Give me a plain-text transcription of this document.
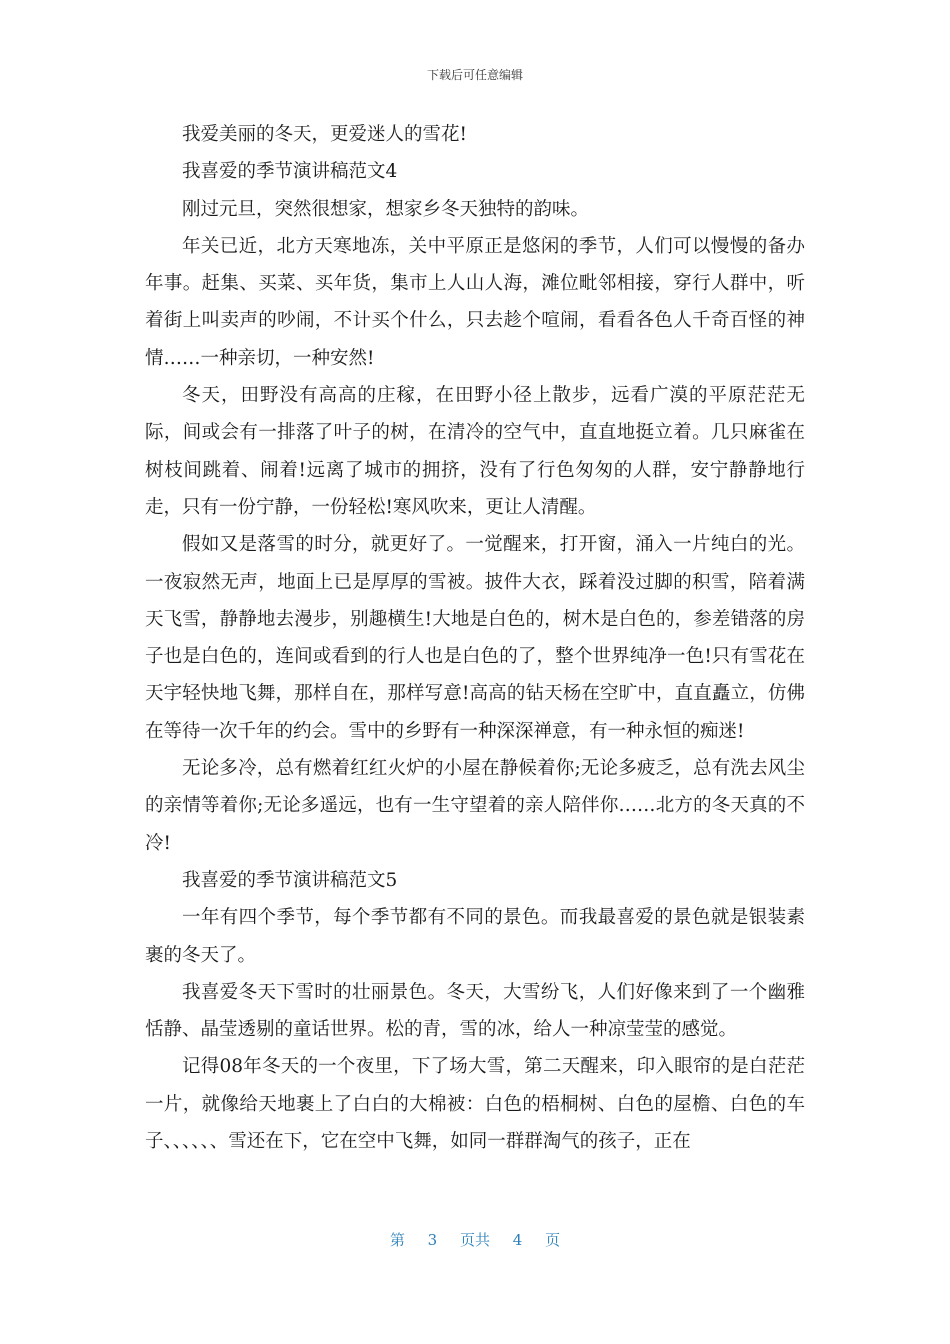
下载后可任意编辑

我爱美丽的冬天，更爱迷人的雪花!

我喜爱的季节演讲稿范文4

刚过元旦，突然很想家，想家乡冬天独特的韵味。

年关已近，北方天寒地冻，关中平原正是悠闲的季节，人们可以慢慢的备办年事。赶集、买菜、买年货，集市上人山人海，滩位毗邻相接，穿行人群中，听着街上叫卖声的吵闹，不计买个什么，只去趁个喧闹，看看各色人千奇百怪的神情……一种亲切，一种安然!

冬天，田野没有高高的庄稼，在田野小径上散步，远看广漠的平原茫茫无际，间或会有一排落了叶子的树，在清冷的空气中，直直地挺立着。几只麻雀在树枝间跳着、闹着!远离了城市的拥挤，没有了行色匆匆的人群，安宁静静地行走，只有一份宁静，一份轻松!寒风吹来，更让人清醒。

假如又是落雪的时分，就更好了。一觉醒来，打开窗，涌入一片纯白的光。一夜寂然无声，地面上已是厚厚的雪被。披件大衣，踩着没过脚的积雪，陪着满天飞雪，静静地去漫步，别趣横生!大地是白色的，树木是白色的，参差错落的房子也是白色的，连间或看到的行人也是白色的了，整个世界纯净一色!只有雪花在天宇轻快地飞舞，那样自在，那样写意!高高的钻天杨在空旷中，直直矗立，仿佛在等待一次千年的约会。雪中的乡野有一种深深禅意，有一种永恒的痴迷!

无论多冷，总有燃着红红火炉的小屋在静候着你;无论多疲乏，总有洗去风尘的亲情等着你;无论多遥远，也有一生守望着的亲人陪伴你……北方的冬天真的不冷!

我喜爱的季节演讲稿范文5

一年有四个季节，每个季节都有不同的景色。而我最喜爱的景色就是银装素裹的冬天了。

我喜爱冬天下雪时的壮丽景色。冬天，大雪纷飞，人们好像来到了一个幽雅恬静、晶莹透剔的童话世界。松的青，雪的冰，给人一种凉莹莹的感觉。

记得08年冬天的一个夜里，下了场大雪，第二天醒来，印入眼帘的是白茫茫一片，就像给天地裹上了白白的大棉被：白色的梧桐树、白色的屋檐、白色的车子、、、、、、雪还在下，它在空中飞舞，如同一群群淘气的孩子，正在

第 3 页共 4 页
